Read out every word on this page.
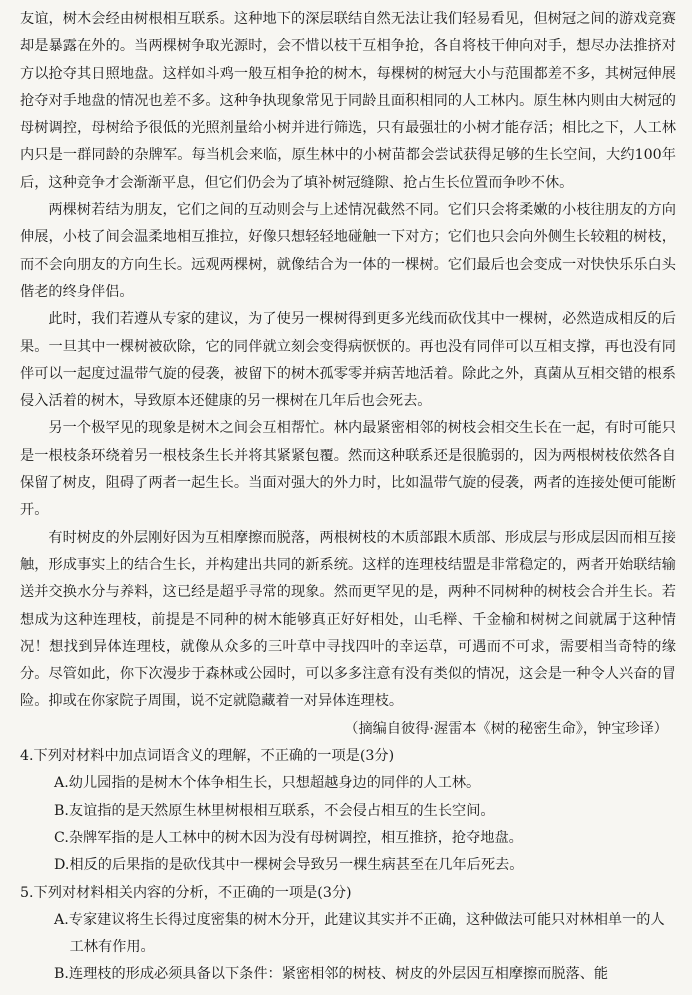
友谊，树木会经由树根相互联系。这种地下的深层联结自然无法让我们轻易看见，但树冠之间的游戏竞赛却是暴露在外的。当两棵树争取光源时，会不惜以枝干互相争抢，各自将枝干伸向对手，想尽办法推挤对方以抢夺其日照地盘。这样如斗鸡一般互相争抢的树木，每棵树的树冠大小与范围都差不多，其树冠伸展抢夺对手地盘的情况也差不多。这种争执现象常见于同龄且面积相同的人工林内。原生林内则由大树冠的母树调控，母树给予很低的光照剂量给小树并进行筛选，只有最强壮的小树才能存活；相比之下，人工林内只是一群同龄的杂牌军。每当机会来临，原生林中的小树苗都会尝试获得足够的生长空间，大约100年后，这种竞争才会渐渐平息，但它们仍会为了填补树冠缝隙、抢占生长位置而争吵不休。

两棵树若结为朋友，它们之间的互动则会与上述情况截然不同。它们只会将柔嫩的小枝往朋友的方向伸展，小枝了间会温柔地相互推拉，好像只想轻轻地碰触一下对方；它们也只会向外侧生长较粗的树枝，而不会向朋友的方向生长。远观两棵树，就像结合为一体的一棵树。它们最后也会变成一对快快乐乐白头偕老的终身伴侣。

此时，我们若遵从专家的建议，为了使另一棵树得到更多光线而砍伐其中一棵树，必然造成相反的后果。一旦其中一棵树被砍除，它的同伴就立刻会变得病恹恹的。再也没有同伴可以互相支撑，再也没有同伴可以一起度过温带气旋的侵袭，被留下的树木孤零零并病苦地活着。除此之外，真菌从互相交错的根系侵入活着的树木，导致原本还健康的另一棵树在几年后也会死去。

另一个极罕见的现象是树木之间会互相帮忙。林内最紧密相邻的树枝会相交生长在一起，有时可能只是一根枝条环绕着另一根枝条生长并将其紧紧包覆。然而这种联系还是很脆弱的，因为两根树枝依然各自保留了树皮，阻碍了两者一起生长。当面对强大的外力时，比如温带气旋的侵袭，两者的连接处便可能断开。

有时树皮的外层刚好因为互相摩擦而脱落，两根树枝的木质部跟木质部、形成层与形成层因而相互接触，形成事实上的结合生长，并构建出共同的新系统。这样的连理枝结盟是非常稳定的，两者开始联结输送并交换水分与养料，这已经是超乎寻常的现象。然而更罕见的是，两种不同树种的树枝会合并生长。若想成为这种连理枝，前提是不同种的树木能够真正好好相处，山毛榉、千金榆和树树之间就属于这种情况！想找到异体连理枝，就像从众多的三叶草中寻找四叶的幸运草，可遇而不可求，需要相当奇特的缘分。尽管如此，你下次漫步于森林或公园时，可以多多注意有没有类似的情况，这会是一种令人兴奋的冒险。抑或在你家院子周围，说不定就隐藏着一对异体连理枝。

（摘编自彼得·渥雷本《树的秘密生命》，钟宝珍译）

4.下列对材料中加点词语含义的理解，不正确的一项是(3分)

A.幼儿园指的是树木个体争相生长，只想超越身边的同伴的人工林。

B.友谊指的是天然原生林里树根相互联系，不会侵占相互的生长空间。

C.杂牌军指的是人工林中的树木因为没有母树调控，相互推挤，抢夺地盘。

D.相反的后果指的是砍伐其中一棵树会导致另一棵生病甚至在几年后死去。

5.下列对材料相关内容的分析，不正确的一项是(3分)

A.专家建议将生长得过度密集的树木分开，此建议其实并不正确，这种做法可能只对林相单一的人工林有作用。

B.连理枝的形成必须具备以下条件：紧密相邻的树枝、树皮的外层因互相摩擦而脱落、能
